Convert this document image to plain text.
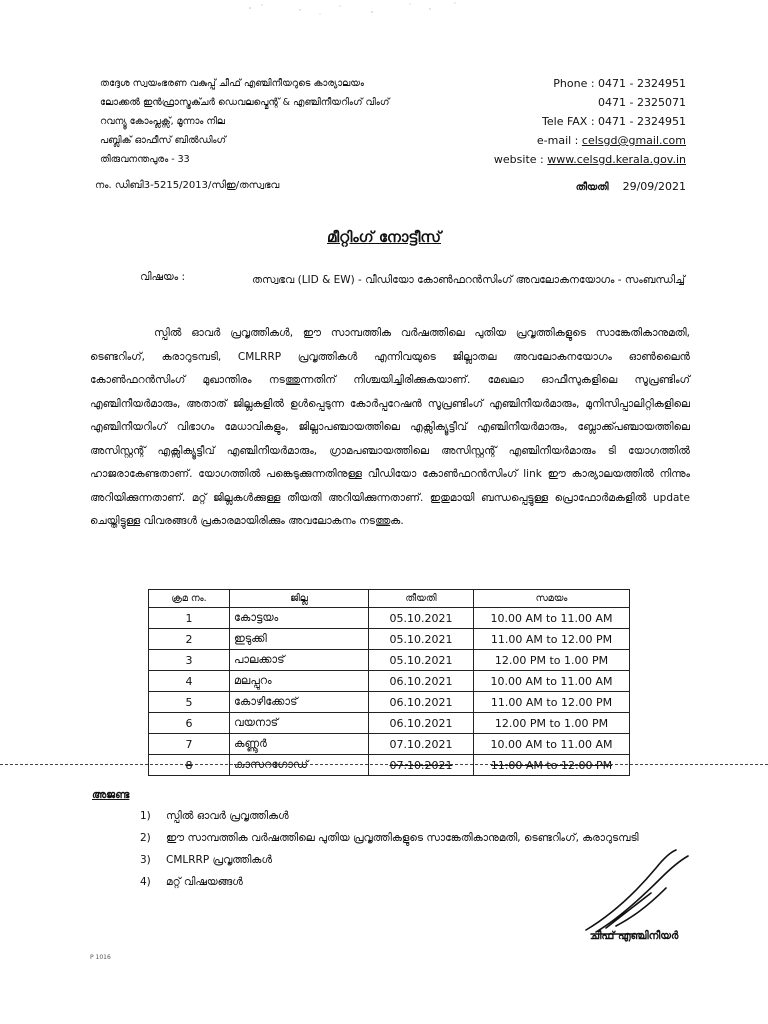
തദ്ദേശ സ്വയംഭരണ വകുപ്പ് ചീഫ് എഞ്ചിനീയറുടെ കാര്യാലയം
ലോക്കൽ ഇൻഫ്രാസ്ട്രക്ചർ ഡെവലപ്മെന്റ് & എഞ്ചിനീയറിംഗ് വിംഗ്
റവന്യൂ കോംപ്ലക്സ്, മൂന്നാം നില
പബ്ലിക് ഓഫീസ് ബിൽഡിംഗ്
തിരുവനന്തപുരം - 33
Phone : 0471 - 2324951
0471 - 2325071
Tele FAX : 0471 - 2324951
e-mail : celsgd@gmail.com
website : www.celsgd.kerala.gov.in
നം. ഡിബി3-5215/2013/സിഇ/തസ്വഭവ	തീയതി 29/09/2021
മീറ്റിംഗ് നോട്ടീസ്
വിഷയം :	തസ്വഭവ (LID & EW) - വീഡിയോ കോൺഫറൻസിംഗ് അവലോകനയോഗം - സംബന്ധിച്ച്
സ്പിൽ ഓവർ പ്രവൃത്തികൾ, ഈ സാമ്പത്തിക വർഷത്തിലെ പുതിയ പ്രവൃത്തികളുടെ സാങ്കേതികാനുമതി, ടെണ്ടറിംഗ്, കരാറുടമ്പടി, CMLRRP പ്രവൃത്തികൾ എന്നിവയുടെ ജില്ലാതല അവലോകനയോഗം ഓൺലൈൻ കോൺഫറൻസിംഗ് മുഖാന്തിരം നടത്തുന്നതിന് നിശ്ചയിച്ചിരിക്കുകയാണ്. മേഖലാ ഓഫീസുകളിലെ സൂപ്രണ്ടിംഗ് എഞ്ചിനീയർമാരും, അതാത് ജില്ലകളിൽ ഉൾപ്പെടുന്ന കോർപ്പറേഷൻ സൂപ്രണ്ടിംഗ് എഞ്ചിനീയർമാരും, മുനിസിപ്പാലിറ്റികളിലെ എഞ്ചിനീയറിംഗ് വിഭാഗം മേധാവികളും, ജില്ലാപഞ്ചായത്തിലെ എക്സിക്യൂട്ടീവ് എഞ്ചിനീയർമാരും, ബ്ലോക്ക്പഞ്ചായത്തിലെ അസിസ്റ്റന്റ് എക്സിക്യൂട്ടീവ് എഞ്ചിനീയർമാരും, ഗ്രാമപഞ്ചായത്തിലെ അസിസ്റ്റന്റ് എഞ്ചിനീയർമാരും ടി യോഗത്തിൽ ഹാജരാകേണ്ടതാണ്. യോഗത്തിൽ പങ്കെടുക്കുന്നതിനുള്ള വീഡിയോ കോൺഫറൻസിംഗ് link ഈ കാര്യാലയത്തിൽ നിന്നും അറിയിക്കുന്നതാണ്. മറ്റ് ജില്ലകൾക്കുള്ള തീയതി അറിയിക്കുന്നതാണ്. ഇതുമായി ബന്ധപ്പെട്ടുള്ള പ്രൊഫോർമകളിൽ update ചെയ്തിട്ടുള്ള വിവരങ്ങൾ പ്രകാരമായിരിക്കും അവലോകനം നടത്തുക.
ക്രമ നം.	ജില്ല	തീയതി	സമയം
1	കോട്ടയം	05.10.2021	10.00 AM to 11.00 AM
2	ഇടുക്കി	05.10.2021	11.00 AM to 12.00 PM
3	പാലക്കാട്	05.10.2021	12.00 PM to 1.00 PM
4	മലപ്പുറം	06.10.2021	10.00 AM to 11.00 AM
5	കോഴിക്കോട്	06.10.2021	11.00 AM to 12.00 PM
6	വയനാട്	06.10.2021	12.00 PM to 1.00 PM
7	കണ്ണൂർ	07.10.2021	10.00 AM to 11.00 AM
8	കാസറഗോഡ്	07.10.2021	11.00 AM to 12.00 PM
അജണ്ട
1) സ്പിൽ ഓവർ പ്രവൃത്തികൾ
2) ഈ സാമ്പത്തിക വർഷത്തിലെ പുതിയ പ്രവൃത്തികളുടെ സാങ്കേതികാനുമതി, ടെണ്ടറിംഗ്, കരാറുടമ്പടി
3) CMLRRP പ്രവൃത്തികൾ
4) മറ്റ് വിഷയങ്ങൾ
ചീഫ് എഞ്ചിനീയർ
P 1016
